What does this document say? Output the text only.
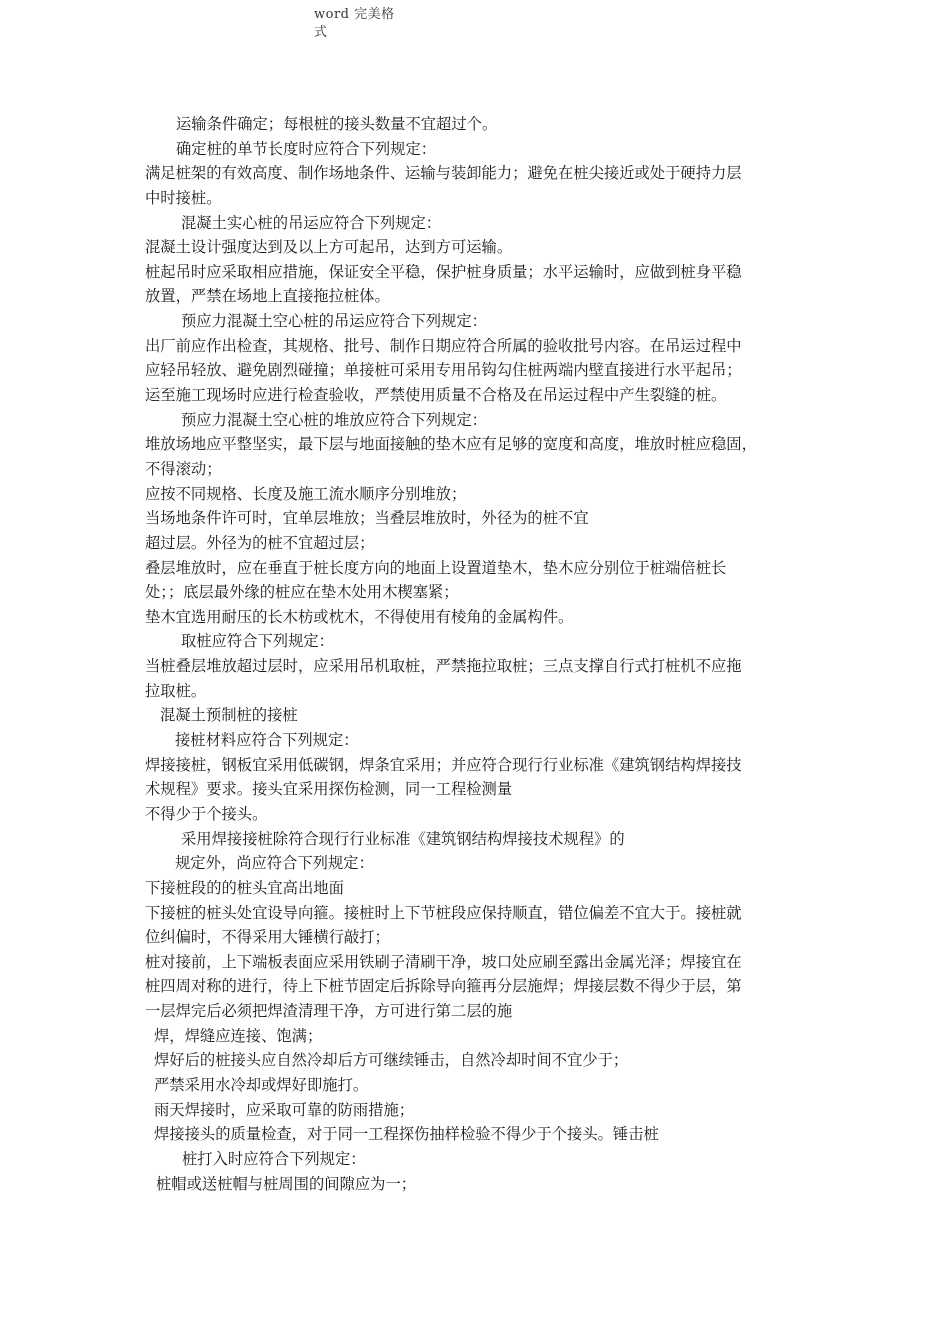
word 完美格
式
运输条件确定；每根桩的接头数量不宜超过个。
确定桩的单节长度时应符合下列规定：
满足桩架的有效高度、制作场地条件、运输与装卸能力；避免在桩尖接近或处于硬持力层
中时接桩。
混凝土实心桩的吊运应符合下列规定：
混凝土设计强度达到及以上方可起吊，达到方可运输。
桩起吊时应采取相应措施，保证安全平稳，保护桩身质量；水平运输时，应做到桩身平稳
放置，严禁在场地上直接拖拉桩体。
预应力混凝土空心桩的吊运应符合下列规定：
出厂前应作出检查，其规格、批号、制作日期应符合所属的验收批号内容。在吊运过程中
应轻吊轻放、避免剧烈碰撞；单接桩可采用专用吊钩勾住桩两端内壁直接进行水平起吊；
运至施工现场时应进行检查验收，严禁使用质量不合格及在吊运过程中产生裂缝的桩。
预应力混凝土空心桩的堆放应符合下列规定：
堆放场地应平整坚实，最下层与地面接触的垫木应有足够的宽度和高度，堆放时桩应稳固，
不得滚动；
应按不同规格、长度及施工流水顺序分别堆放；
当场地条件许可时，宜单层堆放；当叠层堆放时，外径为的桩不宜
超过层。外径为的桩不宜超过层；
叠层堆放时，应在垂直于桩长度方向的地面上设置道垫木，垫木应分别位于桩端倍桩长
处；；底层最外缘的桩应在垫木处用木楔塞紧；
垫木宜选用耐压的长木枋或枕木，不得使用有棱角的金属构件。
取桩应符合下列规定：
当桩叠层堆放超过层时，应采用吊机取桩，严禁拖拉取桩；三点支撑自行式打桩机不应拖
拉取桩。
混凝土预制桩的接桩
接桩材料应符合下列规定：
焊接接桩，钢板宜采用低碳钢，焊条宜采用；并应符合现行行业标准《建筑钢结构焊接技
术规程》要求。接头宜采用探伤检测，同一工程检测量
不得少于个接头。
采用焊接接桩除符合现行行业标准《建筑钢结构焊接技术规程》的
规定外，尚应符合下列规定：
下接桩段的的桩头宜高出地面
下接桩的桩头处宜设导向箍。接桩时上下节桩段应保持顺直，错位偏差不宜大于。接桩就
位纠偏时，不得采用大锤横行敲打；
桩对接前，上下端板表面应采用铁刷子清刷干净，坡口处应刷至露出金属光泽；焊接宜在
桩四周对称的进行，待上下桩节固定后拆除导向箍再分层施焊；焊接层数不得少于层，第
一层焊完后必须把焊渣清理干净，方可进行第二层的施
焊，焊缝应连接、饱满；
焊好后的桩接头应自然冷却后方可继续锤击，自然冷却时间不宜少于；
严禁采用水冷却或焊好即施打。
雨天焊接时，应采取可靠的防雨措施；
焊接接头的质量检查，对于同一工程探伤抽样检验不得少于个接头。锤击桩
桩打入时应符合下列规定：
桩帽或送桩帽与桩周围的间隙应为一；
